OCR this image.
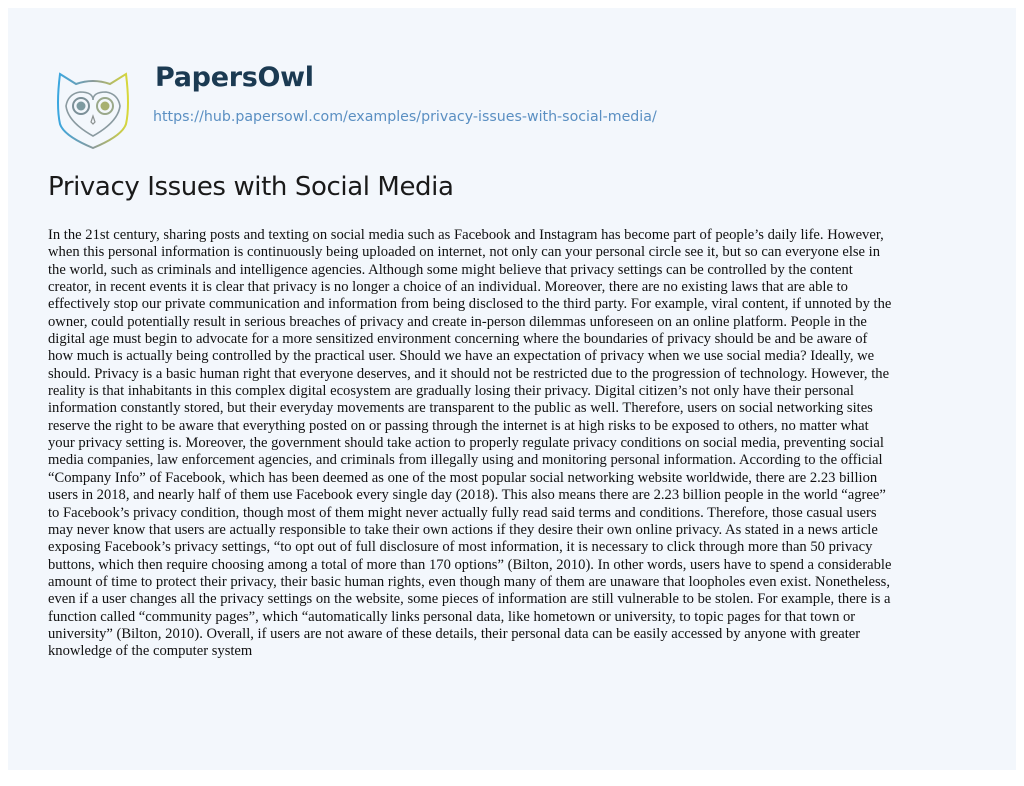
PapersOwl
https://hub.papersowl.com/examples/privacy-issues-with-social-media/
Privacy Issues with Social Media

In the 21st century, sharing posts and texting on social media such as Facebook and Instagram has become part of people’s daily life. However,
when this personal information is continuously being uploaded on internet, not only can your personal circle see it, but so can everyone else in
the world, such as criminals and intelligence agencies. Although some might believe that privacy settings can be controlled by the content
creator, in recent events it is clear that privacy is no longer a choice of an individual. Moreover, there are no existing laws that are able to
effectively stop our private communication and information from being disclosed to the third party. For example, viral content, if unnoted by the
owner, could potentially result in serious breaches of privacy and create in-person dilemmas unforeseen on an online platform. People in the
digital age must begin to advocate for a more sensitized environment concerning where the boundaries of privacy should be and be aware of
how much is actually being controlled by the practical user. Should we have an expectation of privacy when we use social media? Ideally, we
should. Privacy is a basic human right that everyone deserves, and it should not be restricted due to the progression of technology. However, the
reality is that inhabitants in this complex digital ecosystem are gradually losing their privacy. Digital citizen’s not only have their personal
information constantly stored, but their everyday movements are transparent to the public as well. Therefore, users on social networking sites
reserve the right to be aware that everything posted on or passing through the internet is at high risks to be exposed to others, no matter what
your privacy setting is. Moreover, the government should take action to properly regulate privacy conditions on social media, preventing social
media companies, law enforcement agencies, and criminals from illegally using and monitoring personal information. According to the official
“Company Info” of Facebook, which has been deemed as one of the most popular social networking website worldwide, there are 2.23 billion
users in 2018, and nearly half of them use Facebook every single day (2018). This also means there are 2.23 billion people in the world “agree”
to Facebook’s privacy condition, though most of them might never actually fully read said terms and conditions. Therefore, those casual users
may never know that users are actually responsible to take their own actions if they desire their own online privacy. As stated in a news article
exposing Facebook’s privacy settings, “to opt out of full disclosure of most information, it is necessary to click through more than 50 privacy
buttons, which then require choosing among a total of more than 170 options” (Bilton, 2010). In other words, users have to spend a considerable
amount of time to protect their privacy, their basic human rights, even though many of them are unaware that loopholes even exist. Nonetheless,
even if a user changes all the privacy settings on the website, some pieces of information are still vulnerable to be stolen. For example, there is a
function called “community pages”, which “automatically links personal data, like hometown or university, to topic pages for that town or
university” (Bilton, 2010). Overall, if users are not aware of these details, their personal data can be easily accessed by anyone with greater
knowledge of the computer system
